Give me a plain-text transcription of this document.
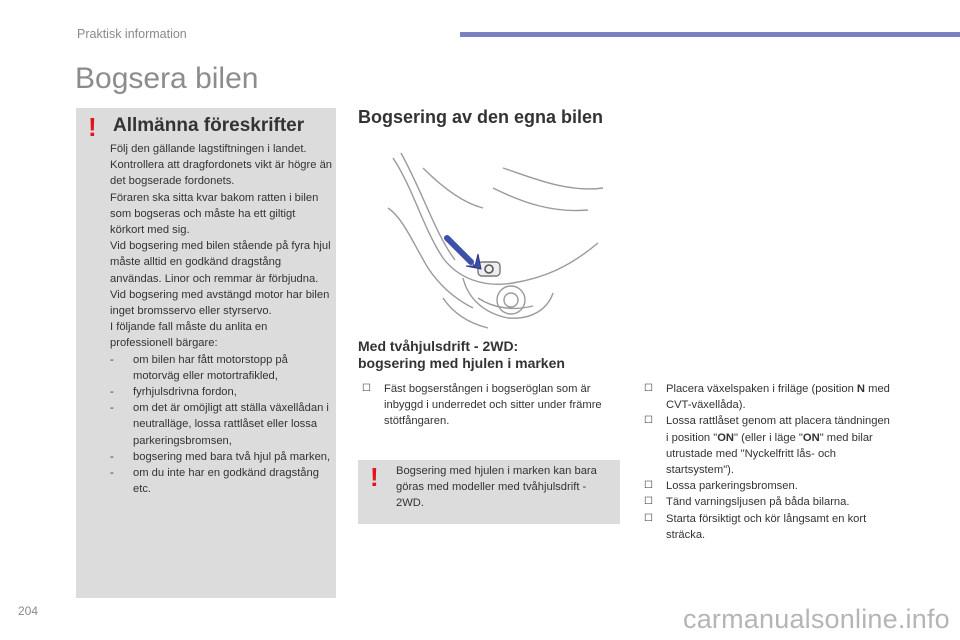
Praktisk information
Bogsera bilen
! Allmänna föreskrifter

Följ den gällande lagstiftningen i landet.

Kontrollera att dragfordonets vikt är högre än det bogserade fordonets.

Föraren ska sitta kvar bakom ratten i bilen som bogseras och måste ha ett giltigt körkort med sig.

Vid bogsering med bilen stående på fyra hjul måste alltid en godkänd dragstång användas. Linor och remmar är förbjudna.

Vid bogsering med avstängd motor har bilen inget bromsservo eller styrservo.

I följande fall måste du anlita en professionell bärgare:

- om bilen har fått motorstopp på motorväg eller motortrafikled,
- fyrhjulsdrivna fordon,
- om det är omöjligt att ställa växellådan i neutralläge, lossa rattlåset eller lossa parkeringsbromsen,
- bogsering med bara två hjul på marken,
- om du inte har en godkänd dragstång etc.
Bogsering av den egna bilen
Med tvåhjulsdrift - 2WD:
bogsering med hjulen i marken
☐ Fäst bogserstången i bogseröglan som är inbyggd i underredet och sitter under främre stötfångaren.
! Bogsering med hjulen i marken kan bara göras med modeller med tvåhjulsdrift - 2WD.
☐ Placera växelspaken i friläge (position N med CVT-växellåda).
☐ Lossa rattlåset genom att placera tändningen i position "ON" (eller i läge "ON" med bilar utrustade med "Nyckelfritt lås- och startsystem").
☐ Lossa parkeringsbromsen.
☐ Tänd varningsljusen på båda bilarna.
☐ Starta försiktigt och kör långsamt en kort sträcka.
204	carmanualsonline.info
